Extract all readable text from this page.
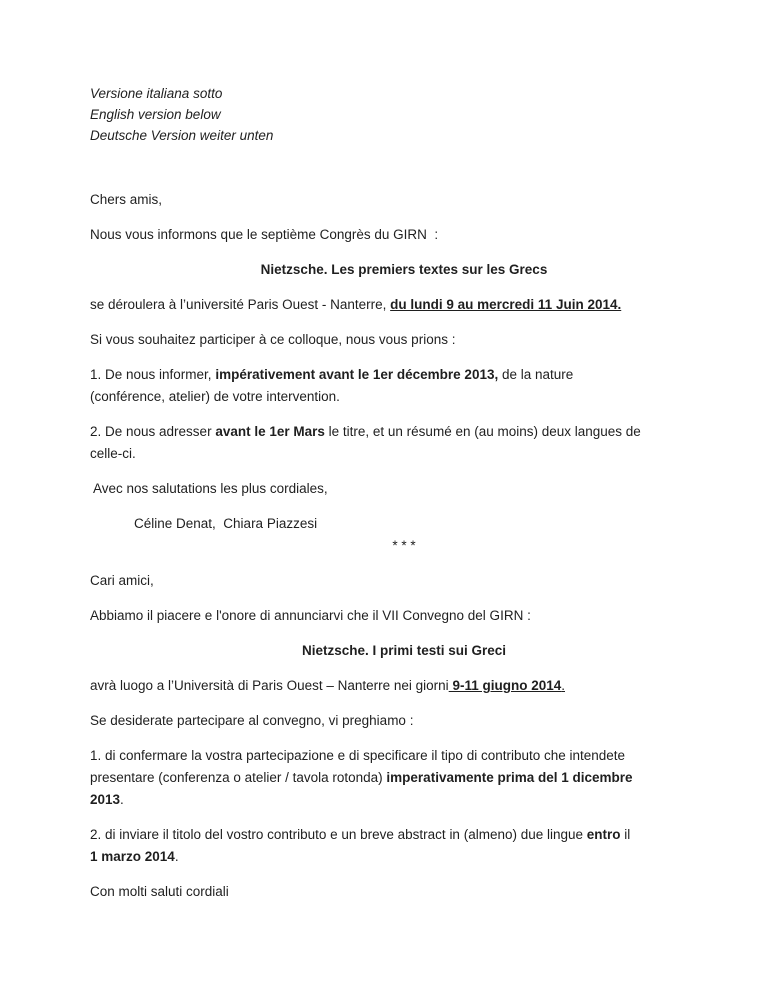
Versione italiana sotto

English version below

Deutsche Version weiter unten

Chers amis,

Nous vous informons que le septième Congrès du GIRN  :

Nietzsche. Les premiers textes sur les Grecs

se déroulera à l’université Paris Ouest - Nanterre, du lundi 9 au mercredi 11 Juin 2014.

Si vous souhaitez participer à ce colloque, nous vous prions :

1. De nous informer, impérativement avant le 1er décembre 2013, de la nature
(conférence, atelier) de votre intervention.

2. De nous adresser avant le 1er Mars le titre, et un résumé en (au moins) deux langues de
celle-ci.

Avec nos salutations les plus cordiales,

Céline Denat,  Chiara Piazzesi

* * *

Cari amici,

Abbiamo il piacere e l'onore di annunciarvi che il VII Convegno del GIRN :

Nietzsche. I primi testi sui Greci

avrà luogo a l’Università di Paris Ouest – Nanterre nei giorni 9-11 giugno 2014.

Se desiderate partecipare al convegno, vi preghiamo :

1. di confermare la vostra partecipazione e di specificare il tipo di contributo che intendete
presentare (conferenza o atelier / tavola rotonda) imperativamente prima del 1 dicembre
2013.

2. di inviare il titolo del vostro contributo e un breve abstract in (almeno) due lingue entro il
1 marzo 2014.

Con molti saluti cordiali
